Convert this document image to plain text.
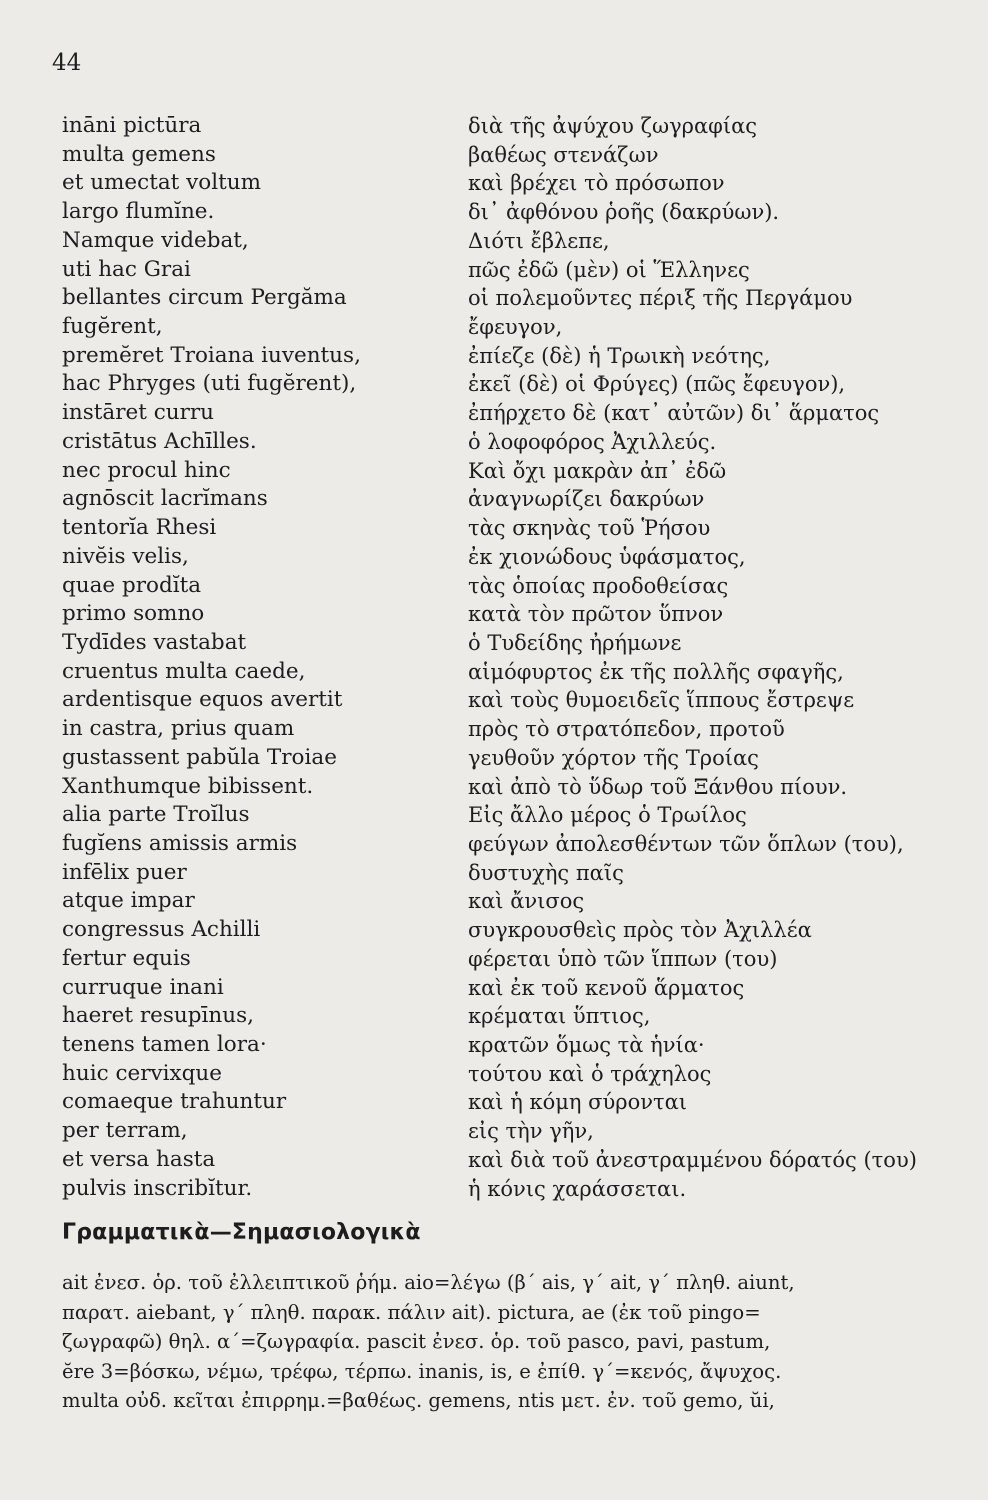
44
ināni pictūra	διὰ τῆς ἀψύχου ζωγραφίας
multa gemens	βαθέως στενάζων
et umectat voltum	καὶ βρέχει τὸ πρόσωπον
largo flumĭne.	δι᾽ ἀφθόνου ῥοῆς (δακρύων).
Namque videbat,	Διότι ἔβλεπε,
uti hac Grai	πῶς ἐδῶ (μὲν) οἱ Ἕλληνες
bellantes circum Pergăma	οἱ πολεμοῦντες πέριξ τῆς Περγάμου
fugĕrent,	ἔφευγον,
premĕret Troiana iuventus,	ἐπίεζε (δὲ) ἡ Τρωικὴ νεότης,
hac Phryges (uti fugĕrent),	ἐκεῖ (δὲ) οἱ Φρύγες) (πῶς ἔφευγον),
instāret curru	ἐπήρχετο δὲ (κατ᾽ αὐτῶν) δι᾽ ἅρματος
cristātus Achīlles.	ὁ λοφοφόρος Ἀχιλλεύς.
nec procul hinc	Καὶ ὄχι μακρὰν ἀπ᾽ ἐδῶ
agnōscit lacrĭmans	ἀναγνωρίζει δακρύων
tentorĭa Rhesi	τὰς σκηνὰς τοῦ Ῥήσου
nivĕis velis,	ἐκ χιονώδους ὑφάσματος,
quae prodĭta	τὰς ὁποίας προδοθείσας
primo somno	κατὰ τὸν πρῶτον ὕπνον
Tydīdes vastabat	ὁ Τυδείδης ἠρήμωνε
cruentus multa caede,	αἱμόφυρτος ἐκ τῆς πολλῆς σφαγῆς,
ardentisque equos avertit	καὶ τοὺς θυμοειδεῖς ἵππους ἔστρεψε
in castra, prius quam	πρὸς τὸ στρατόπεδον, προτοῦ
gustassent pabŭla Troiae	γευθοῦν χόρτον τῆς Τροίας
Xanthumque bibissent.	καὶ ἀπὸ τὸ ὕδωρ τοῦ Ξάνθου πίουν.
alia parte Troĭlus	Εἰς ἄλλο μέρος ὁ Τρωίλος
fugĭens amissis armis	φεύγων ἀπολεσθέντων τῶν ὅπλων (του),
infēlix puer	δυστυχὴς παῖς
atque impar	καὶ ἄνισος
congressus Achilli	συγκρουσθεὶς πρὸς τὸν Ἀχιλλέα
fertur equis	φέρεται ὑπὸ τῶν ἵππων (του)
curruque inani	καὶ ἐκ τοῦ κενοῦ ἅρματος
haeret resupīnus,	κρέμαται ὕπτιος,
tenens tamen lora·	κρατῶν ὅμως τὰ ἡνία·
huic cervixque	τούτου καὶ ὁ τράχηλος
comaeque trahuntur	καὶ ἡ κόμη σύρονται
per terram,	εἰς τὴν γῆν,
et versa hasta	καὶ διὰ τοῦ ἀνεστραμμένου δόρατός (του)
pulvis inscribĭtur.	ἡ κόνις χαράσσεται.
Γραμματικὰ—Σημασιολογικὰ
ait ἐνεσ. ὁρ. τοῦ ἐλλειπτικοῦ ῥήμ. aio=λέγω (β΄ ais, γ΄ ait, γ΄ πληθ. aiunt,
παρατ. aiebant, γ΄ πληθ. παρακ. πάλιν ait). pictura, ae (ἐκ τοῦ pingo=
ζωγραφῶ) θηλ. α΄=ζωγραφία. pascit ἐνεσ. ὁρ. τοῦ pasco, pavi, pastum,
ĕre 3=βόσκω, νέμω, τρέφω, τέρπω. inanis, is, e ἐπίθ. γ΄=κενός, ἄψυχος.
multa οὐδ. κεῖται ἐπιρρημ.=βαθέως. gemens, ntis μετ. ἐν. τοῦ gemo, ŭi,
